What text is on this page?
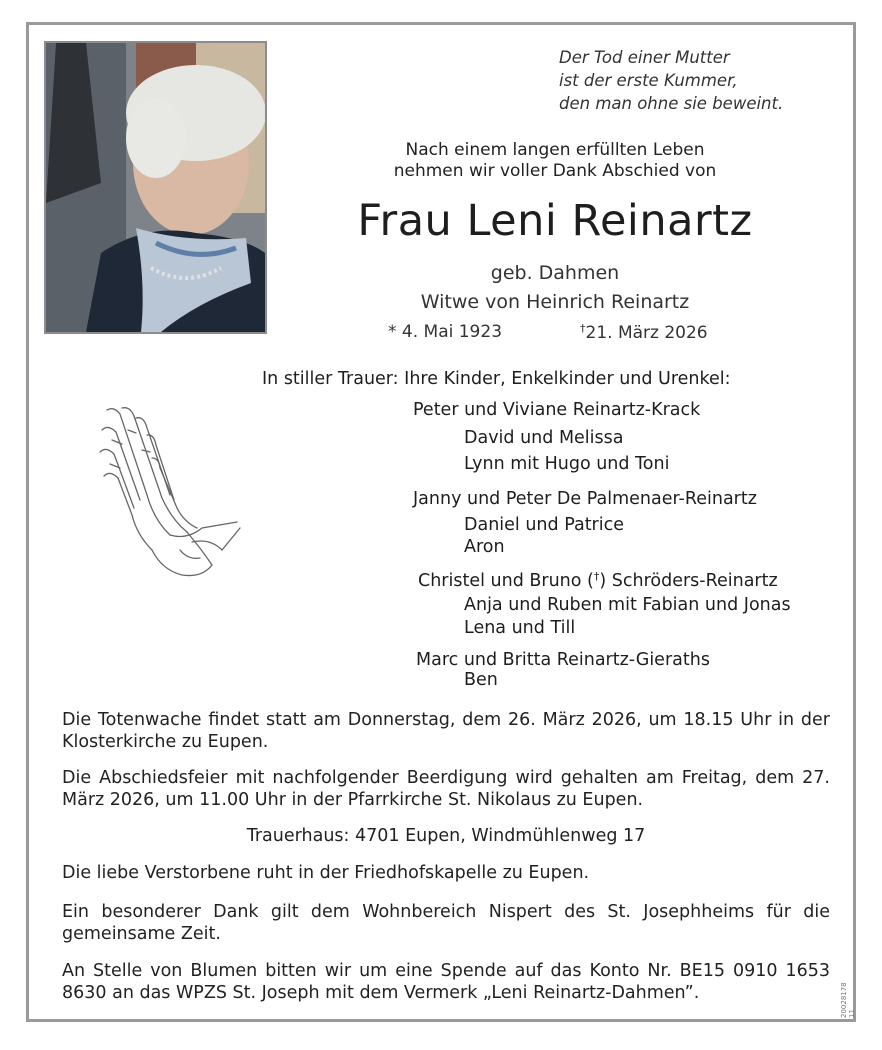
Der Tod einer Mutter
ist der erste Kummer,
den man ohne sie beweint.
Nach einem langen erfüllten Leben
nehmen wir voller Dank Abschied von
Frau Leni Reinartz
geb. Dahmen
Witwe von Heinrich Reinartz
* 4. Mai 1923	†21. März 2026
In stiller Trauer: Ihre Kinder, Enkelkinder und Urenkel:
Peter und Viviane Reinartz-Krack
David und Melissa
Lynn mit Hugo und Toni
Janny und Peter De Palmenaer-Reinartz
Daniel und Patrice
Aron
Christel und Bruno (†) Schröders-Reinartz
Anja und Ruben mit Fabian und Jonas
Lena und Till
Marc und Britta Reinartz-Gieraths
Ben
Die Totenwache findet statt am Donnerstag, dem 26. März 2026, um 18.15 Uhr in der Klosterkirche zu Eupen.
Die Abschiedsfeier mit nachfolgender Beerdigung wird gehalten am Freitag, dem 27. März 2026, um 11.00 Uhr in der Pfarrkirche St. Nikolaus zu Eupen.
Trauerhaus: 4701 Eupen, Windmühlenweg 17
Die liebe Verstorbene ruht in der Friedhofskapelle zu Eupen.
Ein besonderer Dank gilt dem Wohnbereich Nispert des St. Josephheims für die gemeinsame Zeit.
An Stelle von Blumen bitten wir um eine Spende auf das Konto Nr. BE15 0910 1653 8630 an das WPZS St. Joseph mit dem Vermerk „Leni Reinartz-Dahmen”.	20028178 11
